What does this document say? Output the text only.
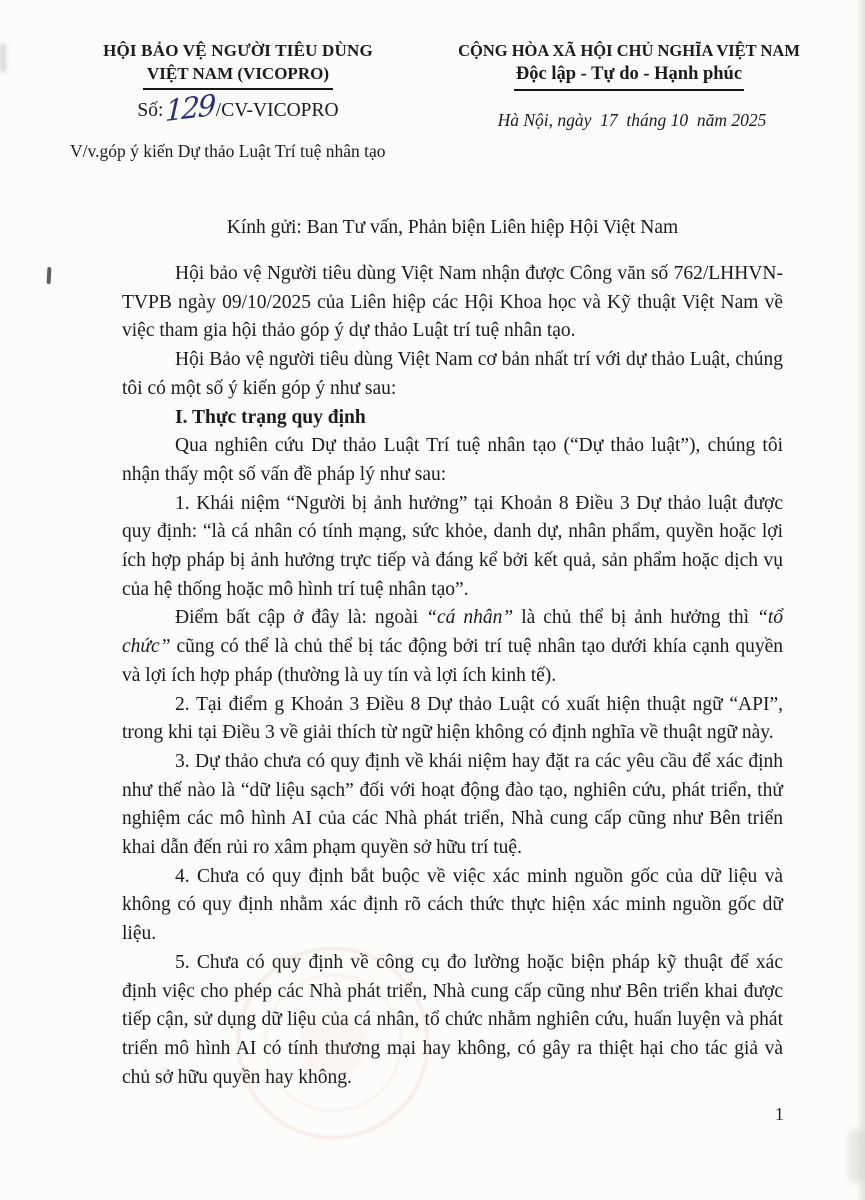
HỘI BẢO VỆ NGƯỜI TIÊU DÙNG
VIỆT NAM (VICOPRO)
Số:129/CV-VICOPRO
V/v.góp ý kiến Dự thảo Luật Trí tuệ nhân tạo
CỘNG HÒA XÃ HỘI CHỦ NGHĨA VIỆT NAM
Độc lập - Tự do - Hạnh phúc
Hà Nội, ngày  17  tháng 10  năm 2025
Kính gửi: Ban Tư vấn, Phản biện Liên hiệp Hội Việt Nam

Hội bảo vệ Người tiêu dùng Việt Nam nhận được Công văn số 762/LHHVN-TVPB ngày 09/10/2025 của Liên hiệp các Hội Khoa học và Kỹ thuật Việt Nam về việc tham gia hội thảo góp ý dự thảo Luật trí tuệ nhân tạo.

Hội Bảo vệ người tiêu dùng Việt Nam cơ bản nhất trí với dự thảo Luật, chúng tôi có một số ý kiến góp ý như sau:

I. Thực trạng quy định

Qua nghiên cứu Dự thảo Luật Trí tuệ nhân tạo (“Dự thảo luật”), chúng tôi nhận thấy một số vấn đề pháp lý như sau:

1. Khái niệm “Người bị ảnh hưởng” tại Khoản 8 Điều 3 Dự thảo luật được quy định: “là cá nhân có tính mạng, sức khỏe, danh dự, nhân phẩm, quyền hoặc lợi ích hợp pháp bị ảnh hưởng trực tiếp và đáng kể bởi kết quả, sản phẩm hoặc dịch vụ của hệ thống hoặc mô hình trí tuệ nhân tạo”.

Điểm bất cập ở đây là: ngoài “cá nhân” là chủ thể bị ảnh hưởng thì “tổ chức” cũng có thể là chủ thể bị tác động bởi trí tuệ nhân tạo dưới khía cạnh quyền và lợi ích hợp pháp (thường là uy tín và lợi ích kinh tế).

2. Tại điểm g Khoản 3 Điều 8 Dự thảo Luật có xuất hiện thuật ngữ “API”, trong khi tại Điều 3 về giải thích từ ngữ hiện không có định nghĩa về thuật ngữ này.

3. Dự thảo chưa có quy định về khái niệm hay đặt ra các yêu cầu để xác định như thế nào là “dữ liệu sạch” đối với hoạt động đào tạo, nghiên cứu, phát triển, thử nghiệm các mô hình AI của các Nhà phát triển, Nhà cung cấp cũng như Bên triển khai dẫn đến rủi ro xâm phạm quyền sở hữu trí tuệ.

4. Chưa có quy định bắt buộc về việc xác minh nguồn gốc của dữ liệu và không có quy định nhằm xác định rõ cách thức thực hiện xác minh nguồn gốc dữ liệu.

5. Chưa có quy định về công cụ đo lường hoặc biện pháp kỹ thuật để xác định việc cho phép các Nhà phát triển, Nhà cung cấp cũng như Bên triển khai được tiếp cận, sử dụng dữ liệu của cá nhân, tổ chức nhằm nghiên cứu, huấn luyện và phát triển mô hình AI có tính thương mại hay không, có gây ra thiệt hại cho tác giả và chủ sở hữu quyền hay không.

1
